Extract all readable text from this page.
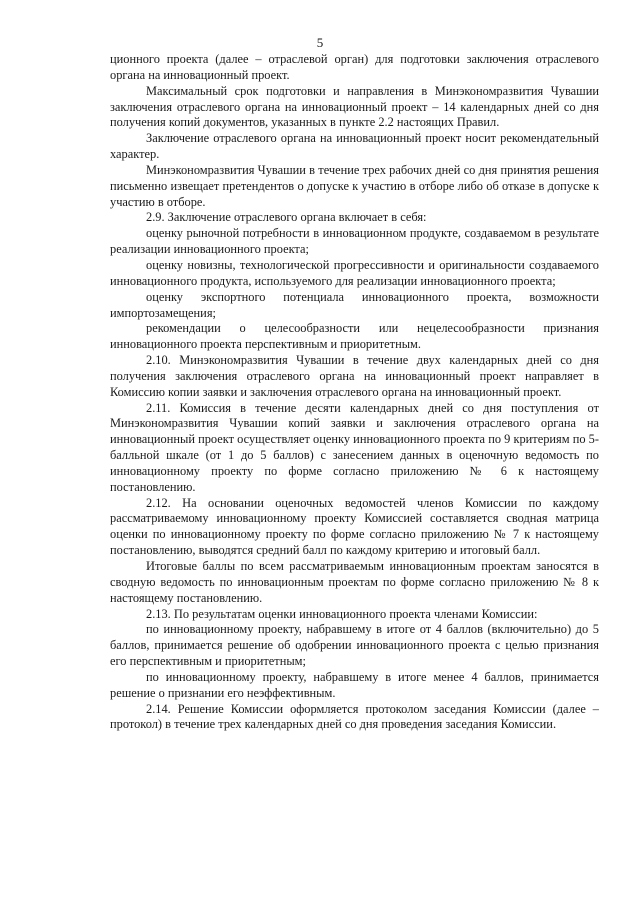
5

ционного проекта (далее – отраслевой орган) для подготовки заключения отраслевого органа на инновационный проект.

Максимальный срок подготовки и направления в Минэкономразвития Чувашии заключения отраслевого органа на инновационный проект – 14 календарных дней со дня получения копий документов, указанных в пункте 2.2 настоящих Правил.

Заключение отраслевого органа на инновационный проект носит рекомендательный характер.

Минэкономразвития Чувашии в течение трех рабочих дней со дня принятия решения письменно извещает претендентов о допуске к участию в отборе либо об отказе в допуске к участию в отборе.

2.9. Заключение отраслевого органа включает в себя:

оценку рыночной потребности в инновационном продукте, создаваемом в результате реализации инновационного проекта;

оценку новизны, технологической прогрессивности и оригинальности создаваемого инновационного продукта, используемого для реализации инновационного проекта;

оценку экспортного потенциала инновационного проекта, возможности импортозамещения;

рекомендации о целесообразности или нецелесообразности признания инновационного проекта перспективным и приоритетным.

2.10. Минэкономразвития Чувашии в течение двух календарных дней со дня получения заключения отраслевого органа на инновационный проект направляет в Комиссию копии заявки и заключения отраслевого органа на инновационный проект.

2.11. Комиссия в течение десяти календарных дней со дня поступления от Минэкономразвития Чувашии копий заявки и заключения отраслевого органа на инновационный проект осуществляет оценку инновационного проекта по 9 критериям по 5-балльной шкале (от 1 до 5 баллов) с занесением данных в оценочную ведомость по инновационному проекту по форме согласно приложению № 6 к настоящему постановлению.

2.12. На основании оценочных ведомостей членов Комиссии по каждому рассматриваемому инновационному проекту Комиссией составляется сводная матрица оценки по инновационному проекту по форме согласно приложению № 7 к настоящему постановлению, выводятся средний балл по каждому критерию и итоговый балл.

Итоговые баллы по всем рассматриваемым инновационным проектам заносятся в сводную ведомость по инновационным проектам по форме согласно приложению № 8 к настоящему постановлению.

2.13. По результатам оценки инновационного проекта членами Комиссии:

по инновационному проекту, набравшему в итоге от 4 баллов (включительно) до 5 баллов, принимается решение об одобрении инновационного проекта с целью признания его перспективным и приоритетным;

по инновационному проекту, набравшему в итоге менее 4 баллов, принимается решение о признании его неэффективным.

2.14. Решение Комиссии оформляется протоколом заседания Комиссии (далее – протокол) в течение трех календарных дней со дня проведения заседания Комиссии.
